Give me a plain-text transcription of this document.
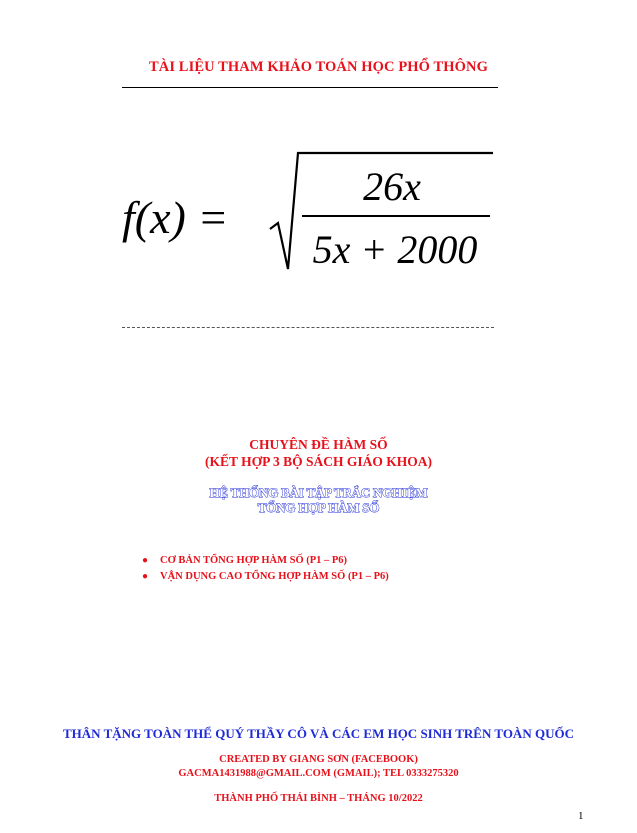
TÀI LIỆU THAM KHẢO TOÁN HỌC PHỔ THÔNG
f(x) =
26x
5x + 2000
CHUYÊN ĐỀ HÀM SỐ
(KẾT HỢP 3 BỘ SÁCH GIÁO KHOA)
HỆ THỐNG BÀI TẬP TRẮC NGHIỆM
TỔNG HỢP HÀM SỐ
● CƠ BẢN TỔNG HỢP HÀM SỐ (P1 – P6)
● VẬN DỤNG CAO TỔNG HỢP HÀM SỐ (P1 – P6)
THÂN TẶNG TOÀN THỂ QUÝ THẦY CÔ VÀ CÁC EM HỌC SINH TRÊN TOÀN QUỐC
CREATED BY GIANG SƠN (FACEBOOK)
GACMA1431988@GMAIL.COM (GMAIL); TEL 0333275320
THÀNH PHỐ THÁI BÌNH – THÁNG 10/2022
1
